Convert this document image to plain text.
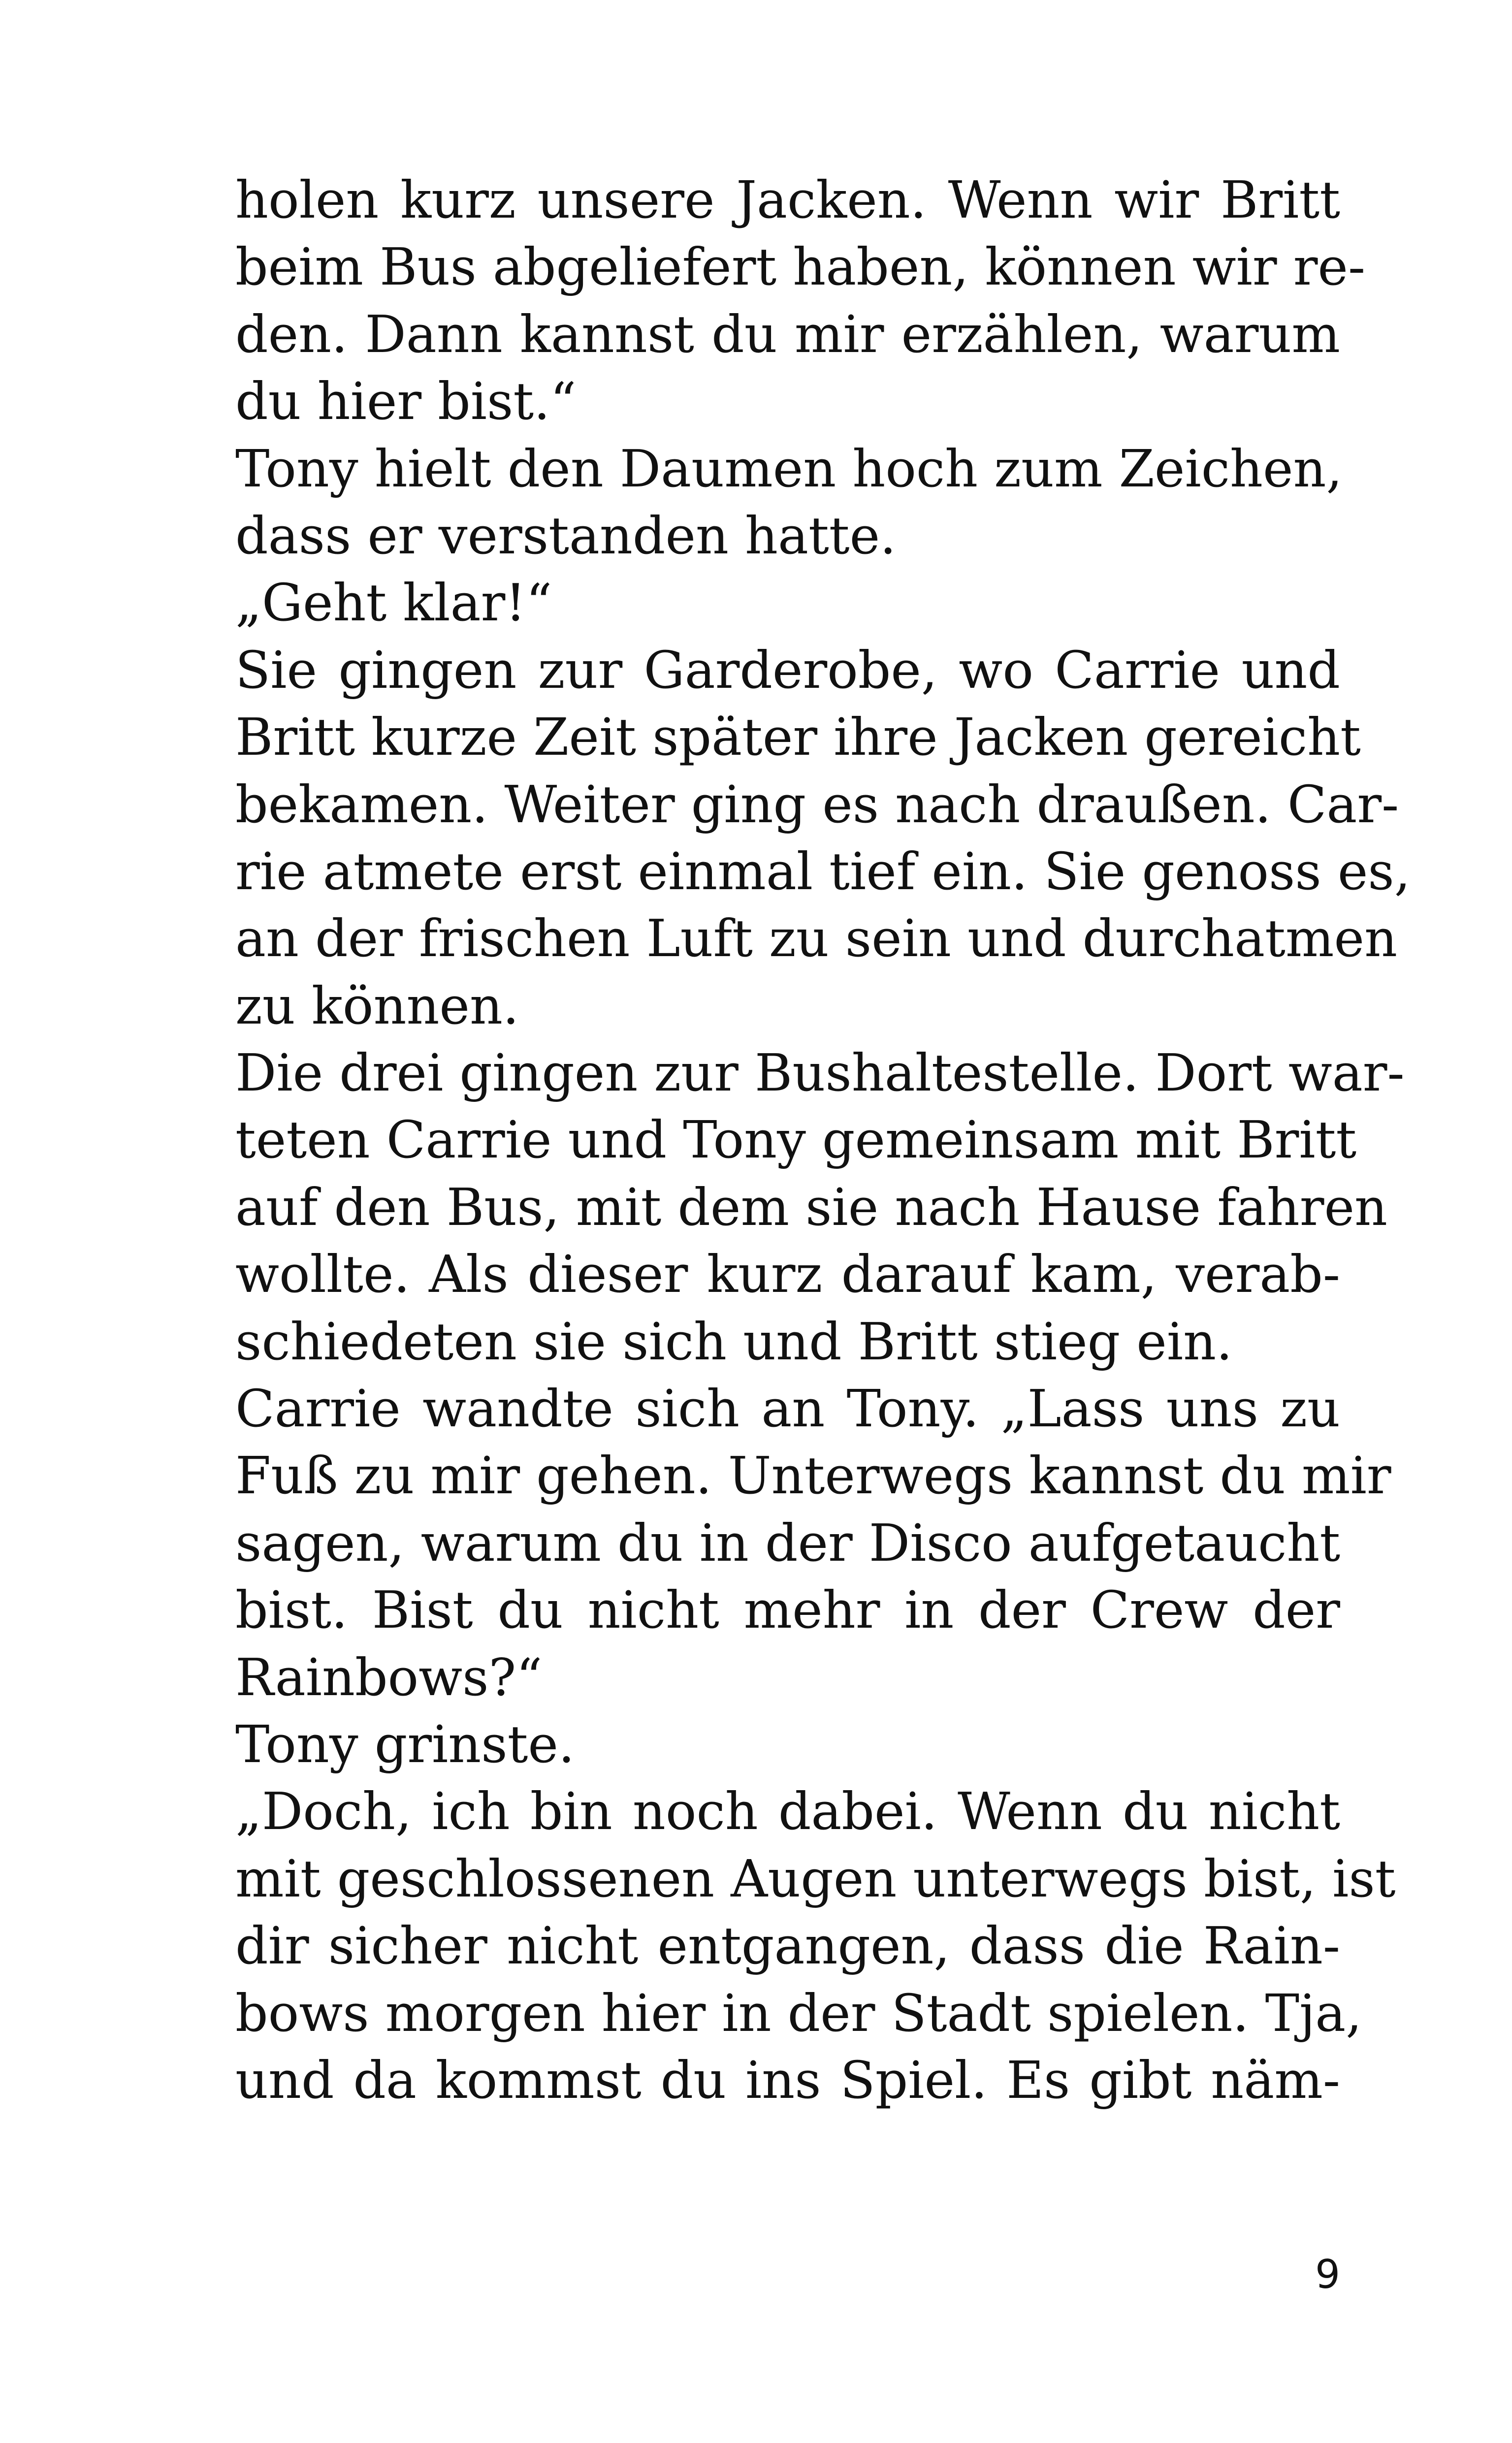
holen kurz unsere Jacken. Wenn wir Britt
beim Bus abgeliefert haben, können wir re-
den. Dann kannst du mir erzählen, warum
du hier bist.“
Tony hielt den Daumen hoch zum Zeichen,
dass er verstanden hatte.
„Geht klar!“
Sie gingen zur Garderobe, wo Carrie und
Britt kurze Zeit später ihre Jacken gereicht
bekamen. Weiter ging es nach draußen. Car-
rie atmete erst einmal tief ein. Sie genoss es,
an der frischen Luft zu sein und durchatmen
zu können.
Die drei gingen zur Bushaltestelle. Dort war-
teten Carrie und Tony gemeinsam mit Britt
auf den Bus, mit dem sie nach Hause fahren
wollte. Als dieser kurz darauf kam, verab-
schiedeten sie sich und Britt stieg ein.
Carrie wandte sich an Tony. „Lass uns zu
Fuß zu mir gehen. Unterwegs kannst du mir
sagen, warum du in der Disco aufgetaucht
bist. Bist du nicht mehr in der Crew der
Rainbows?“
Tony grinste.
„Doch, ich bin noch dabei. Wenn du nicht
mit geschlossenen Augen unterwegs bist, ist
dir sicher nicht entgangen, dass die Rain-
bows morgen hier in der Stadt spielen. Tja,
und da kommst du ins Spiel. Es gibt näm-
9
